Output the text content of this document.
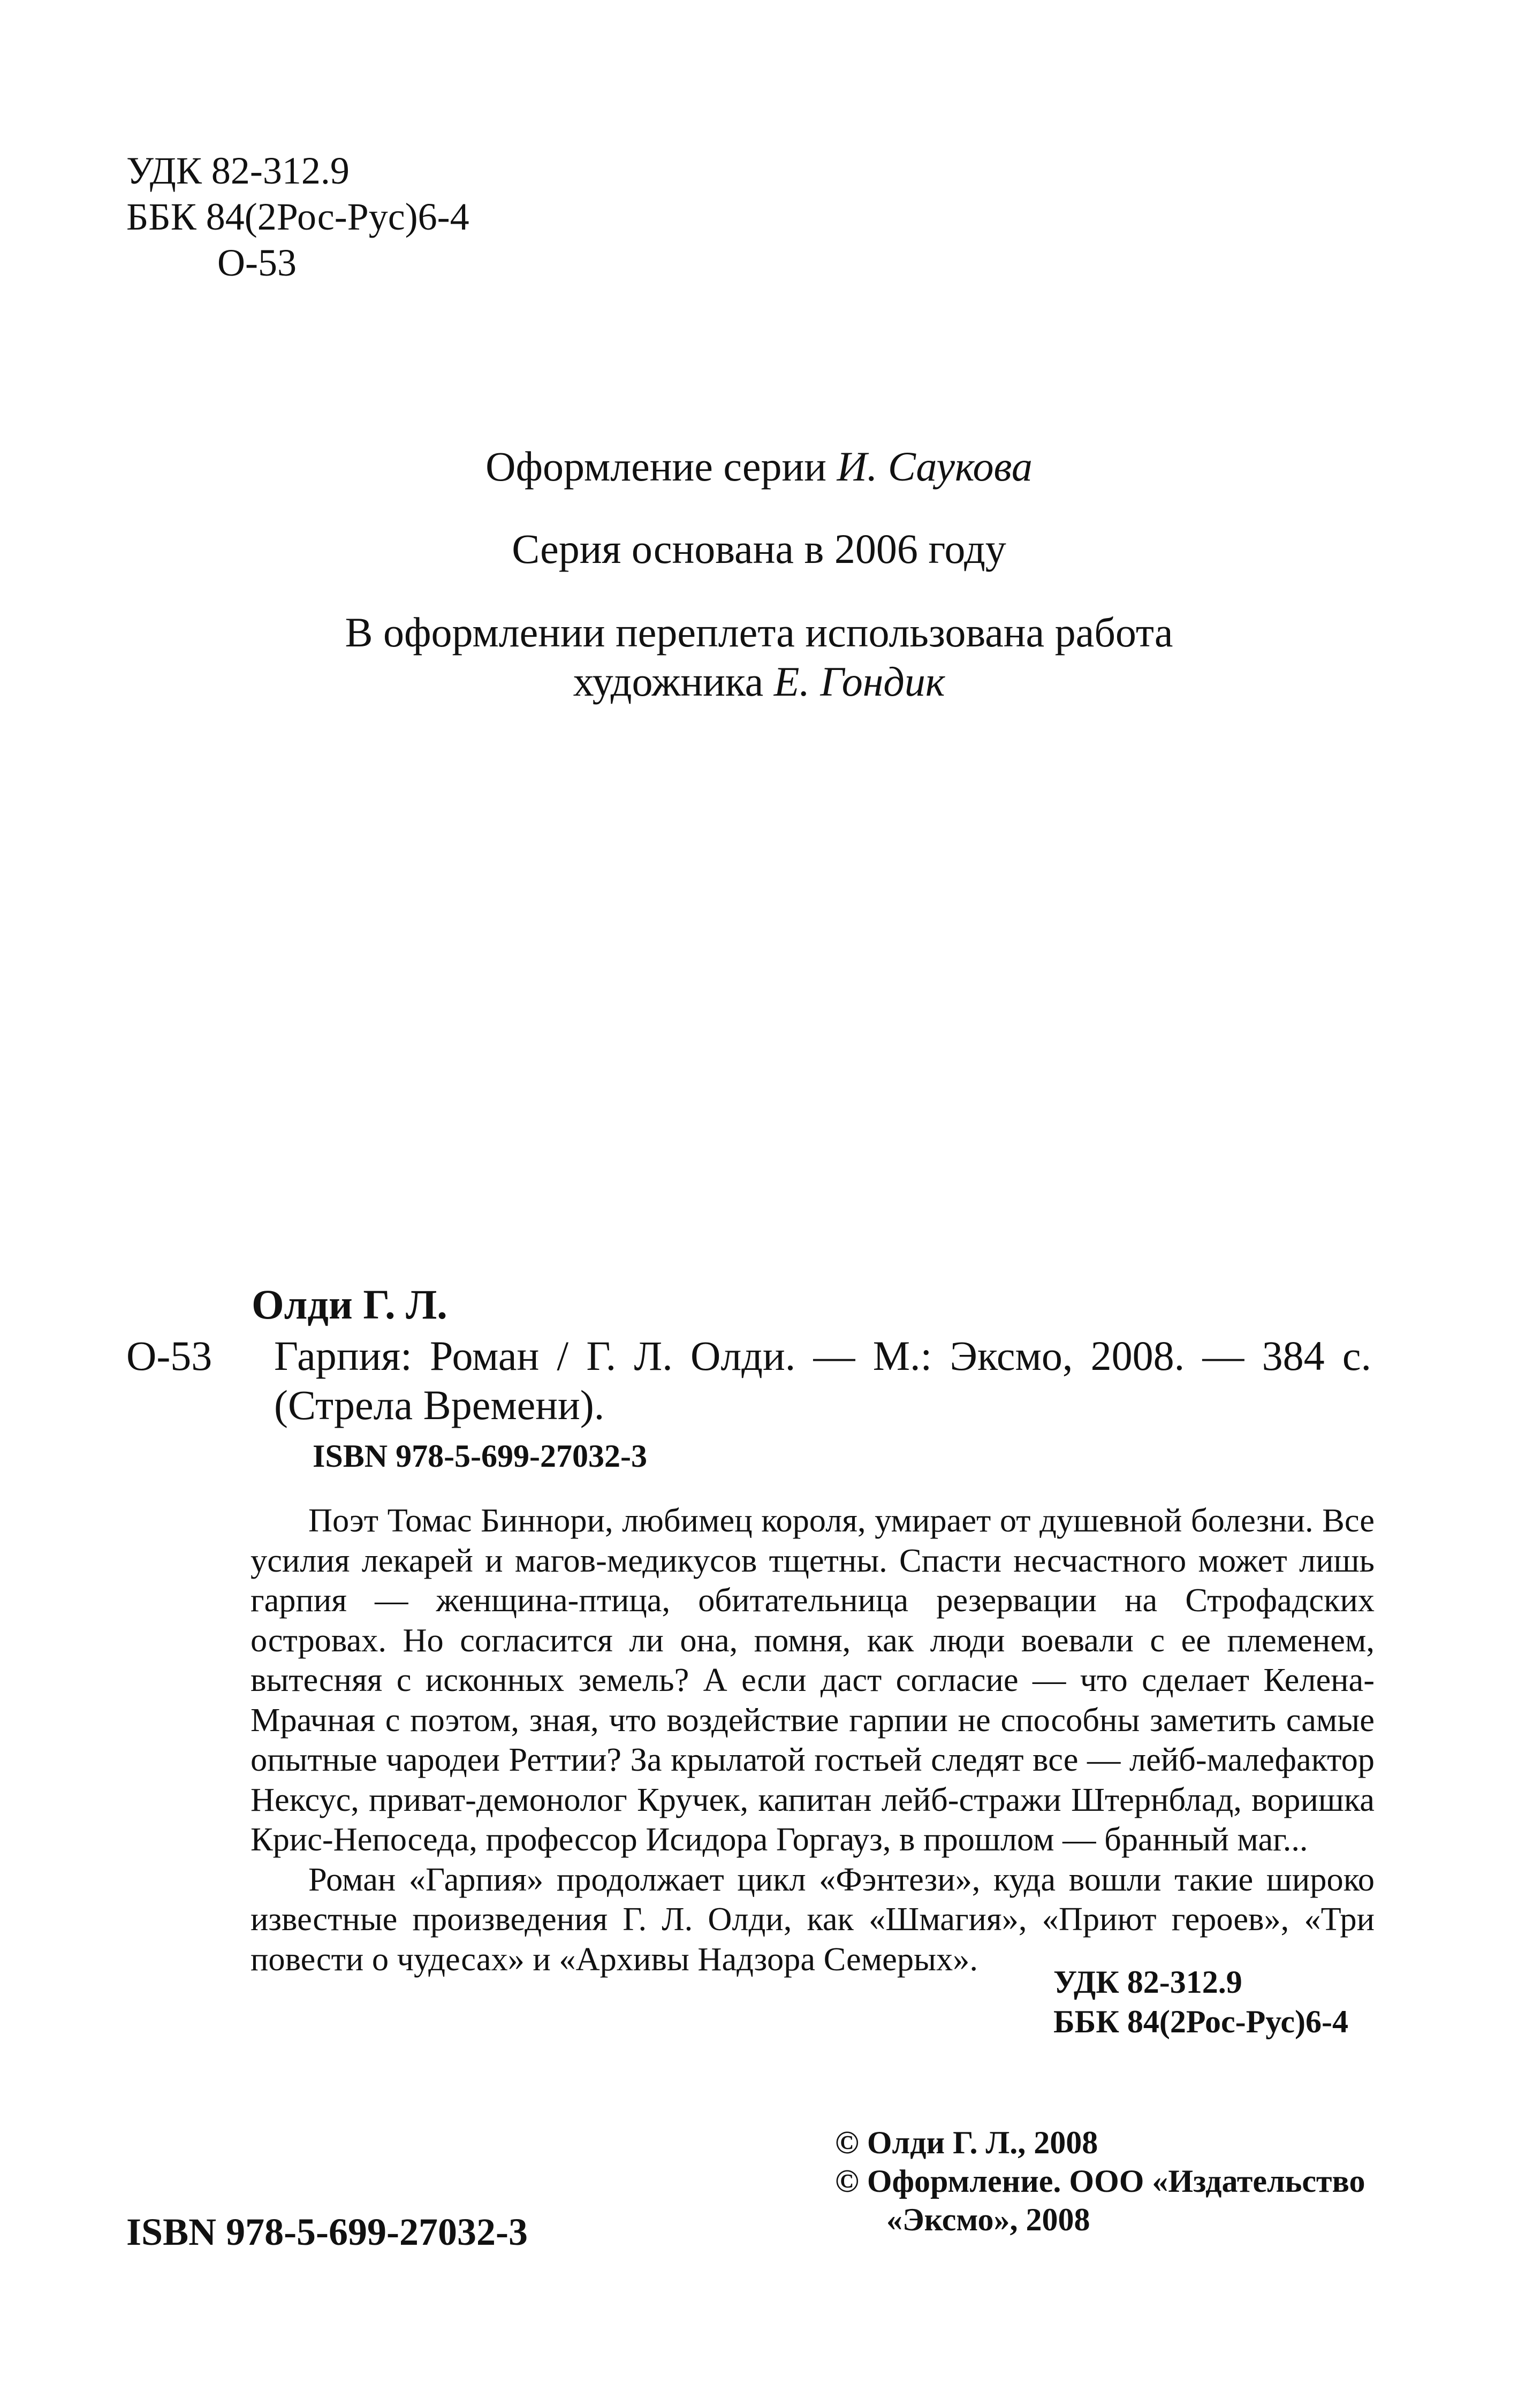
УДК 82-312.9
ББК 84(2Рос-Рус)6-4
О-53
Оформление серии И. Саукова
Серия основана в 2006 году
В оформлении переплета использована работа
художника Е. Гондик
Олди Г. Л.
О-53 Гарпия: Роман / Г. Л. Олди. — М.: Эксмо, 2008. — 384 с. (Стрела Времени).
ISBN 978-5-699-27032-3

Поэт Томас Биннори, любимец короля, умирает от душевной болезни. Все усилия лекарей и магов-медикусов тщетны. Спасти несчастного может лишь гарпия — женщина-птица, обитательница резервации на Строфадских островах. Но согласится ли она, помня, как люди воевали с ее племенем, вытесняя с исконных земель? А если даст согласие — что сделает Келена-Мрачная с поэтом, зная, что воздействие гарпии не способны заметить самые опытные чародеи Реттии? За крылатой гостьей следят все — лейб-малефактор Нексус, приват-демонолог Кручек, капитан лейб-стражи Штернблад, воришка Крис-Непоседа, профессор Исидора Горгауз, в прошлом — бранный маг...

Роман «Гарпия» продолжает цикл «Фэнтези», куда вошли такие широко известные произведения Г. Л. Олди, как «Шмагия», «Приют героев», «Три повести о чудесах» и «Архивы Надзора Семерых».

УДК 82-312.9
ББК 84(2Рос-Рус)6-4
© Олди Г. Л., 2008
© Оформление. ООО «Издательство
«Эксмо», 2008
ISBN 978-5-699-27032-3
